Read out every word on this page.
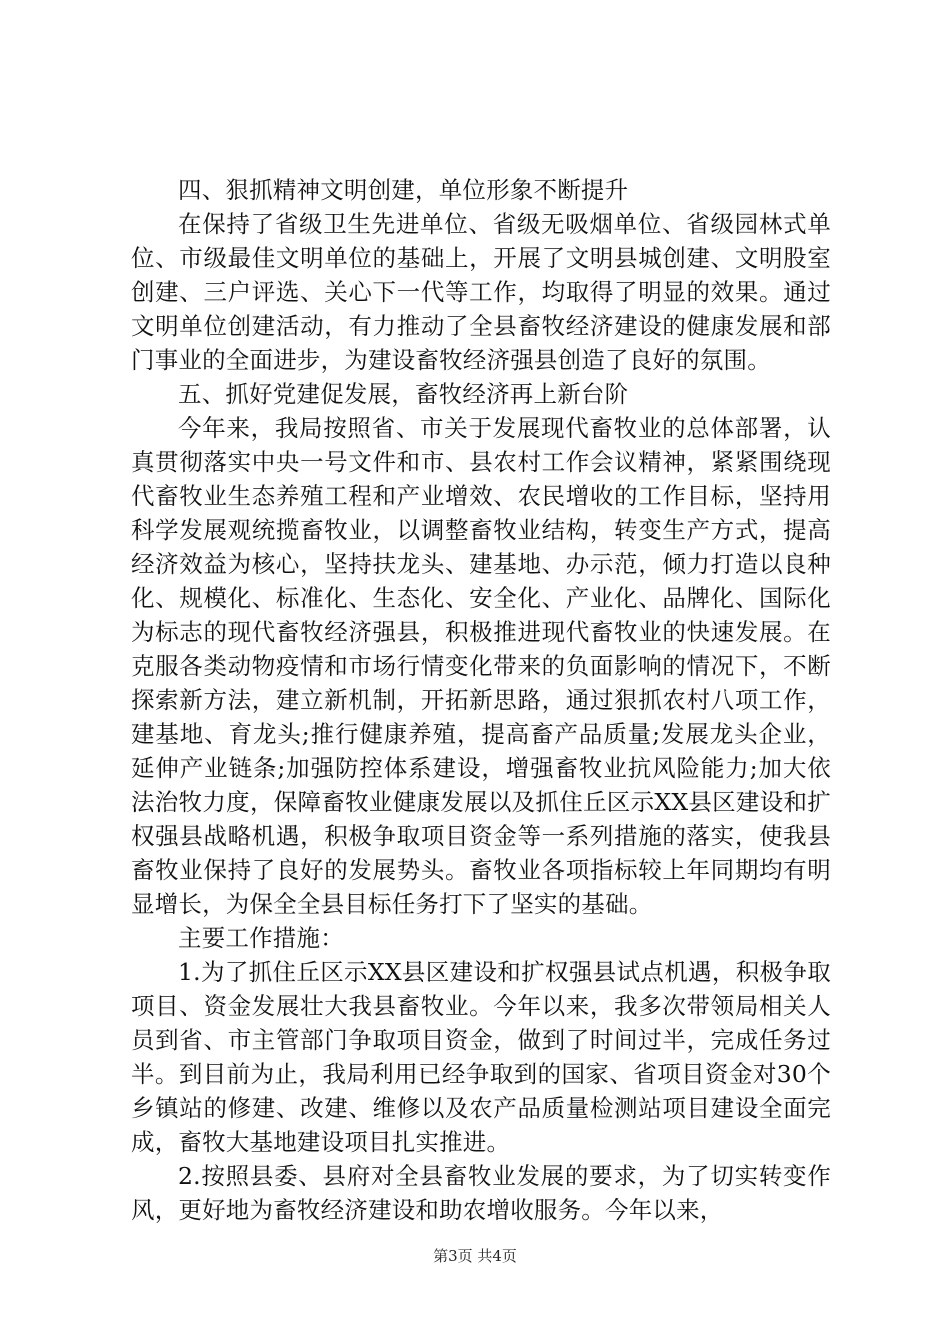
四、狠抓精神文明创建，单位形象不断提升

在保持了省级卫生先进单位、省级无吸烟单位、省级园林式单位、市级最佳文明单位的基础上，开展了文明县城创建、文明股室创建、三户评选、关心下一代等工作，均取得了明显的效果。通过文明单位创建活动，有力推动了全县畜牧经济建设的健康发展和部门事业的全面进步，为建设畜牧经济强县创造了良好的氛围。

五、抓好党建促发展，畜牧经济再上新台阶

今年来，我局按照省、市关于发展现代畜牧业的总体部署，认真贯彻落实中央一号文件和市、县农村工作会议精神，紧紧围绕现代畜牧业生态养殖工程和产业增效、农民增收的工作目标，坚持用科学发展观统揽畜牧业，以调整畜牧业结构，转变生产方式，提高经济效益为核心，坚持扶龙头、建基地、办示范，倾力打造以良种化、规模化、标准化、生态化、安全化、产业化、品牌化、国际化为标志的现代畜牧经济强县，积极推进现代畜牧业的快速发展。在克服各类动物疫情和市场行情变化带来的负面影响的情况下，不断探索新方法，建立新机制，开拓新思路，通过狠抓农村八项工作，建基地、育龙头;推行健康养殖，提高畜产品质量;发展龙头企业，延伸产业链条;加强防控体系建设，增强畜牧业抗风险能力;加大依法治牧力度，保障畜牧业健康发展以及抓住丘区示XX县区建设和扩权强县战略机遇，积极争取项目资金等一系列措施的落实，使我县畜牧业保持了良好的发展势头。畜牧业各项指标较上年同期均有明显增长，为保全全县目标任务打下了坚实的基础。

主要工作措施：

1.为了抓住丘区示XX县区建设和扩权强县试点机遇，积极争取项目、资金发展壮大我县畜牧业。今年以来，我多次带领局相关人员到省、市主管部门争取项目资金，做到了时间过半，完成任务过半。到目前为止，我局利用已经争取到的国家、省项目资金对30个乡镇站的修建、改建、维修以及农产品质量检测站项目建设全面完成，畜牧大基地建设项目扎实推进。

2.按照县委、县府对全县畜牧业发展的要求，为了切实转变作风，更好地为畜牧经济建设和助农增收服务。今年以来，

第3页 共4页
